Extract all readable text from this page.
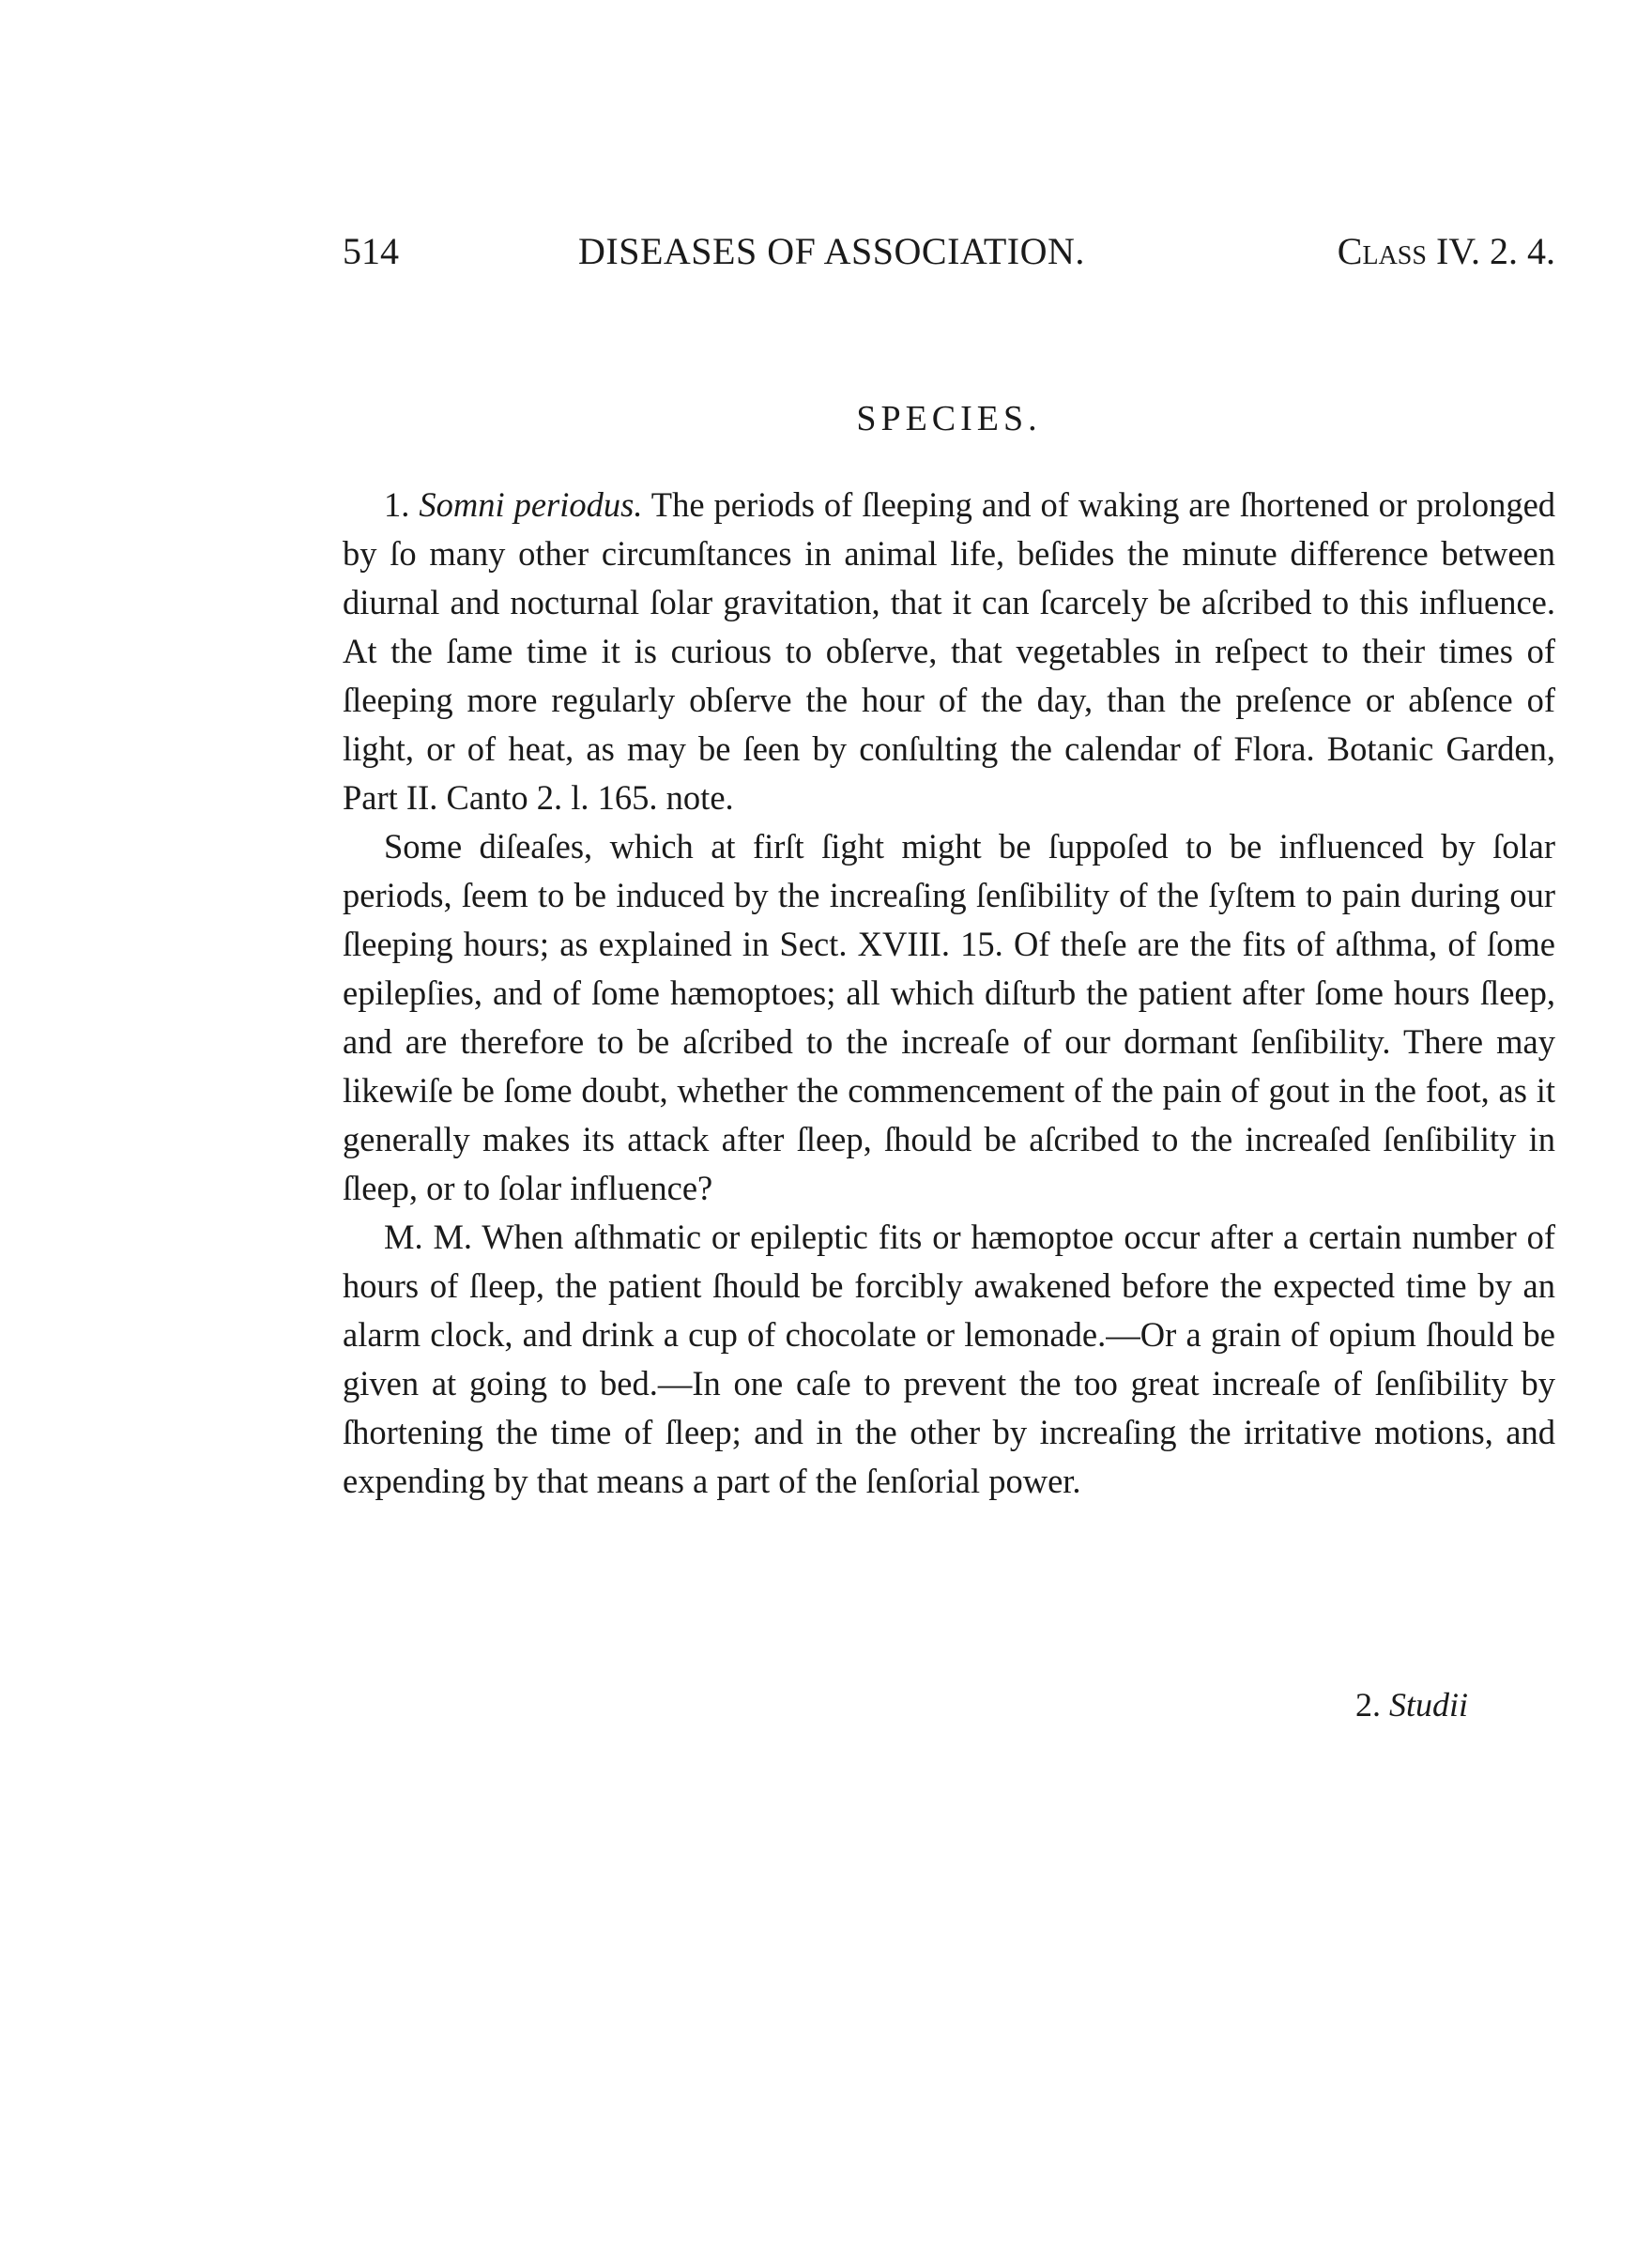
514	DISEASES OF ASSOCIATION.	Class IV. 2. 4.
SPECIES.

1. Somni periodus. The periods of ſleeping and of waking are ſhortened or prolonged by ſo many other circumſtances in animal life, beſides the minute difference between diurnal and nocturnal ſolar gravitation, that it can ſcarcely be aſcribed to this influence. At the ſame time it is curious to obſerve, that vegetables in reſpect to their times of ſleeping more regularly obſerve the hour of the day, than the preſence or abſence of light, or of heat, as may be ſeen by conſulting the calendar of Flora. Botanic Garden, Part II. Canto 2. l. 165. note.

Some diſeaſes, which at firſt ſight might be ſuppoſed to be influenced by ſolar periods, ſeem to be induced by the increaſing ſenſibility of the ſyſtem to pain during our ſleeping hours; as explained in Sect. XVIII. 15. Of theſe are the fits of aſthma, of ſome epilepſies, and of ſome hæmoptoes; all which diſturb the patient after ſome hours ſleep, and are therefore to be aſcribed to the increaſe of our dormant ſenſibility. There may likewiſe be ſome doubt, whether the commencement of the pain of gout in the foot, as it generally makes its attack after ſleep, ſhould be aſcribed to the increaſed ſenſibility in ſleep, or to ſolar influence?

M. M. When aſthmatic or epileptic fits or hæmoptoe occur after a certain number of hours of ſleep, the patient ſhould be forcibly awakened before the expected time by an alarm clock, and drink a cup of chocolate or lemonade.—Or a grain of opium ſhould be given at going to bed.—In one caſe to prevent the too great increaſe of ſenſibility by ſhortening the time of ſleep; and in the other by increaſing the irritative motions, and expending by that means a part of the ſenſorial power.

2. Studii
